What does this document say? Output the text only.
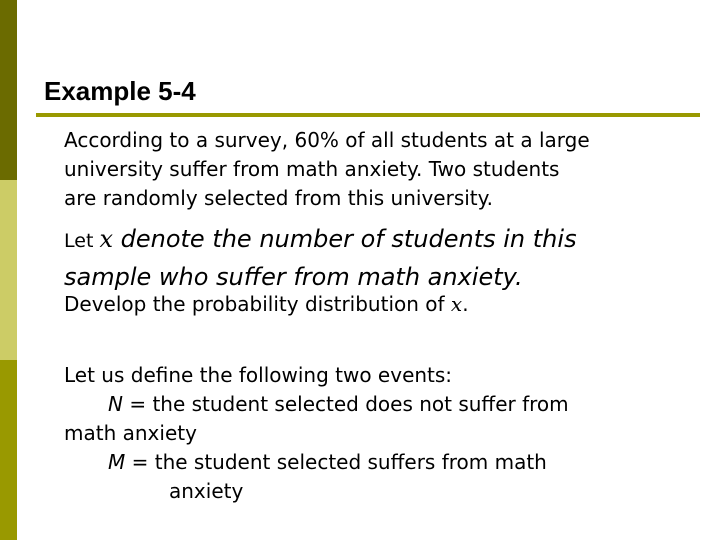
Example 5-4
According to a survey, 60% of all students at a large
university suffer from math anxiety. Two students
are randomly selected from this university.
Let x denote the number of students in this
sample who suffer from math anxiety.
Develop the probability distribution of x.
Let us define the following two events:
N = the student selected does not suffer from
math anxiety
M = the student selected suffers from math
anxiety
